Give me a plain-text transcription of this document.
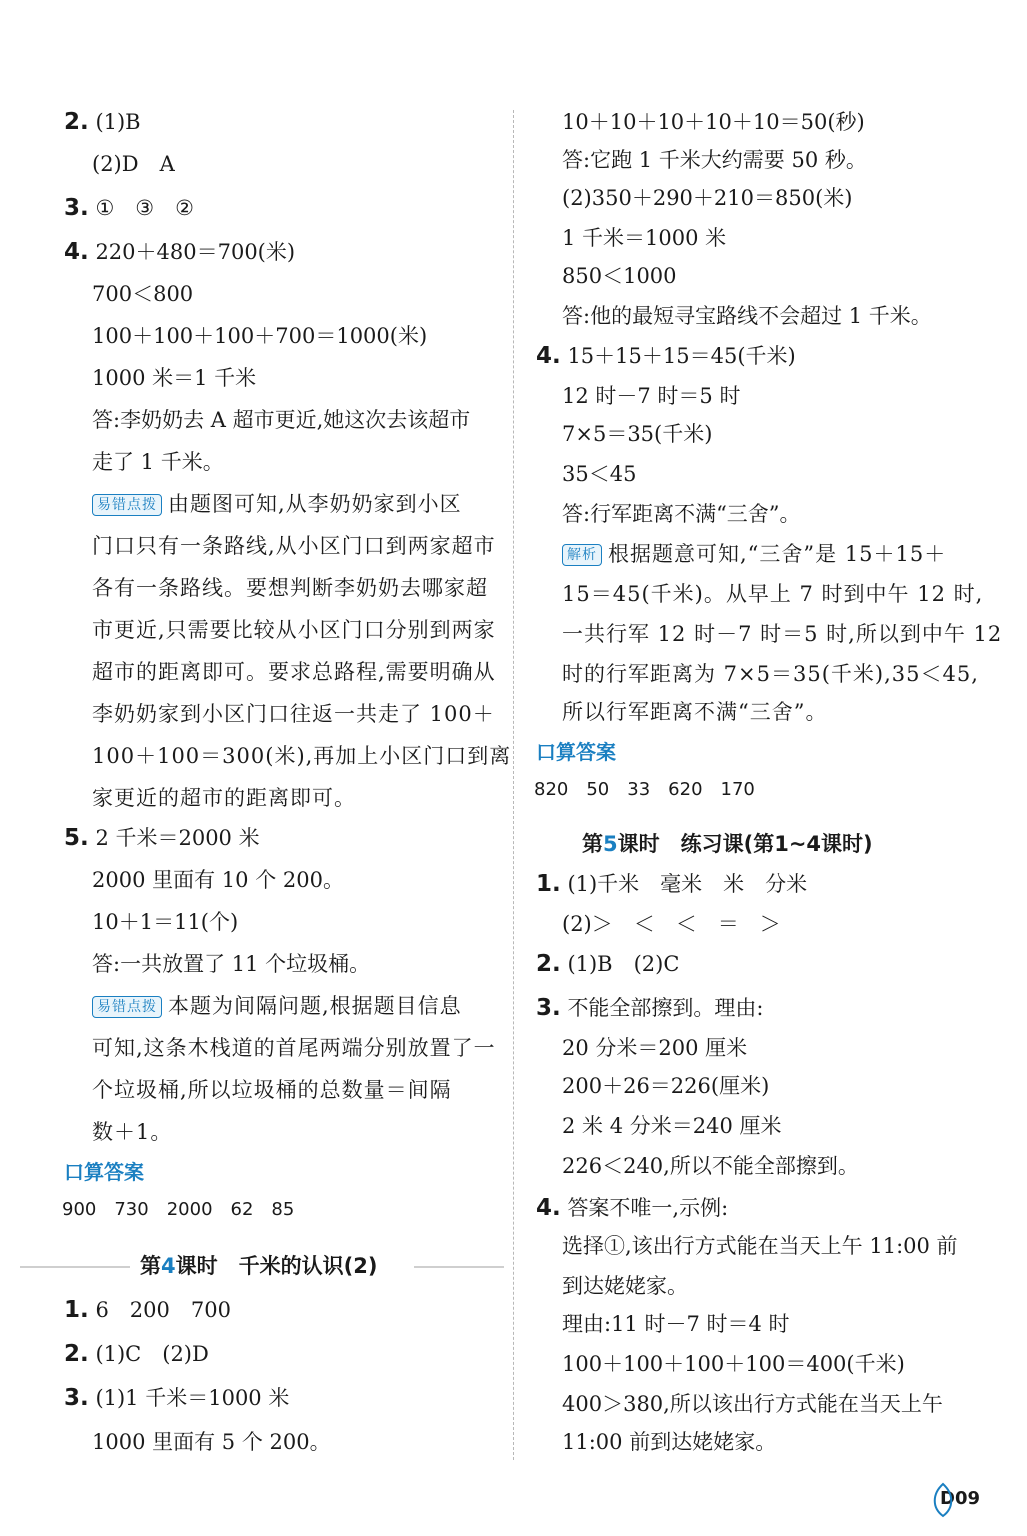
2. (1)B
(2)D　A
3. ①　③　②
4. 220＋480＝700(米)
700＜800
100＋100＋100＋700＝1000(米)
1000 米＝1 千米
答:李奶奶去 A 超市更近,她这次去该超市
走了 1 千米。
易错点拨 由题图可知,从李奶奶家到小区
门口只有一条路线,从小区门口到两家超市
各有一条路线。要想判断李奶奶去哪家超
市更近,只需要比较从小区门口分别到两家
超市的距离即可。要求总路程,需要明确从
李奶奶家到小区门口往返一共走了 100＋
100＋100＝300(米),再加上小区门口到离
家更近的超市的距离即可。
5. 2 千米＝2000 米
2000 里面有 10 个 200。
10＋1＝11(个)
答:一共放置了 11 个垃圾桶。
易错点拨 本题为间隔问题,根据题目信息
可知,这条木栈道的首尾两端分别放置了一
个垃圾桶,所以垃圾桶的总数量＝间隔
数＋1。
口算答案
900　730　2000　62　85
第4课时　千米的认识(2)
1. 6　200　700
2. (1)C　(2)D
3. (1)1 千米＝1000 米
1000 里面有 5 个 200。
10＋10＋10＋10＋10＝50(秒)
答:它跑 1 千米大约需要 50 秒。
(2)350＋290＋210＝850(米)
1 千米＝1000 米
850＜1000
答:他的最短寻宝路线不会超过 1 千米。
4. 15＋15＋15＝45(千米)
12 时－7 时＝5 时
7×5＝35(千米)
35＜45
答:行军距离不满“三舍”。
解析 根据题意可知,“三舍”是 15＋15＋
15＝45(千米)。从早上 7 时到中午 12 时,
一共行军 12 时－7 时＝5 时,所以到中午 12
时的行军距离为 7×5＝35(千米),35＜45,
所以行军距离不满“三舍”。
口算答案
820　50　33　620　170
第5课时　练习课(第1~4课时)
1. (1)千米　毫米　米　分米
(2)＞　＜　＜　＝　＞
2. (1)B　(2)C
3. 不能全部擦到。理由:
20 分米＝200 厘米
200＋26＝226(厘米)
2 米 4 分米＝240 厘米
226＜240,所以不能全部擦到。
4. 答案不唯一,示例:
选择①,该出行方式能在当天上午 11:00 前
到达姥姥家。
理由:11 时－7 时＝4 时
100＋100＋100＋100＝400(千米)
400＞380,所以该出行方式能在当天上午
11:00 前到达姥姥家。
D09
